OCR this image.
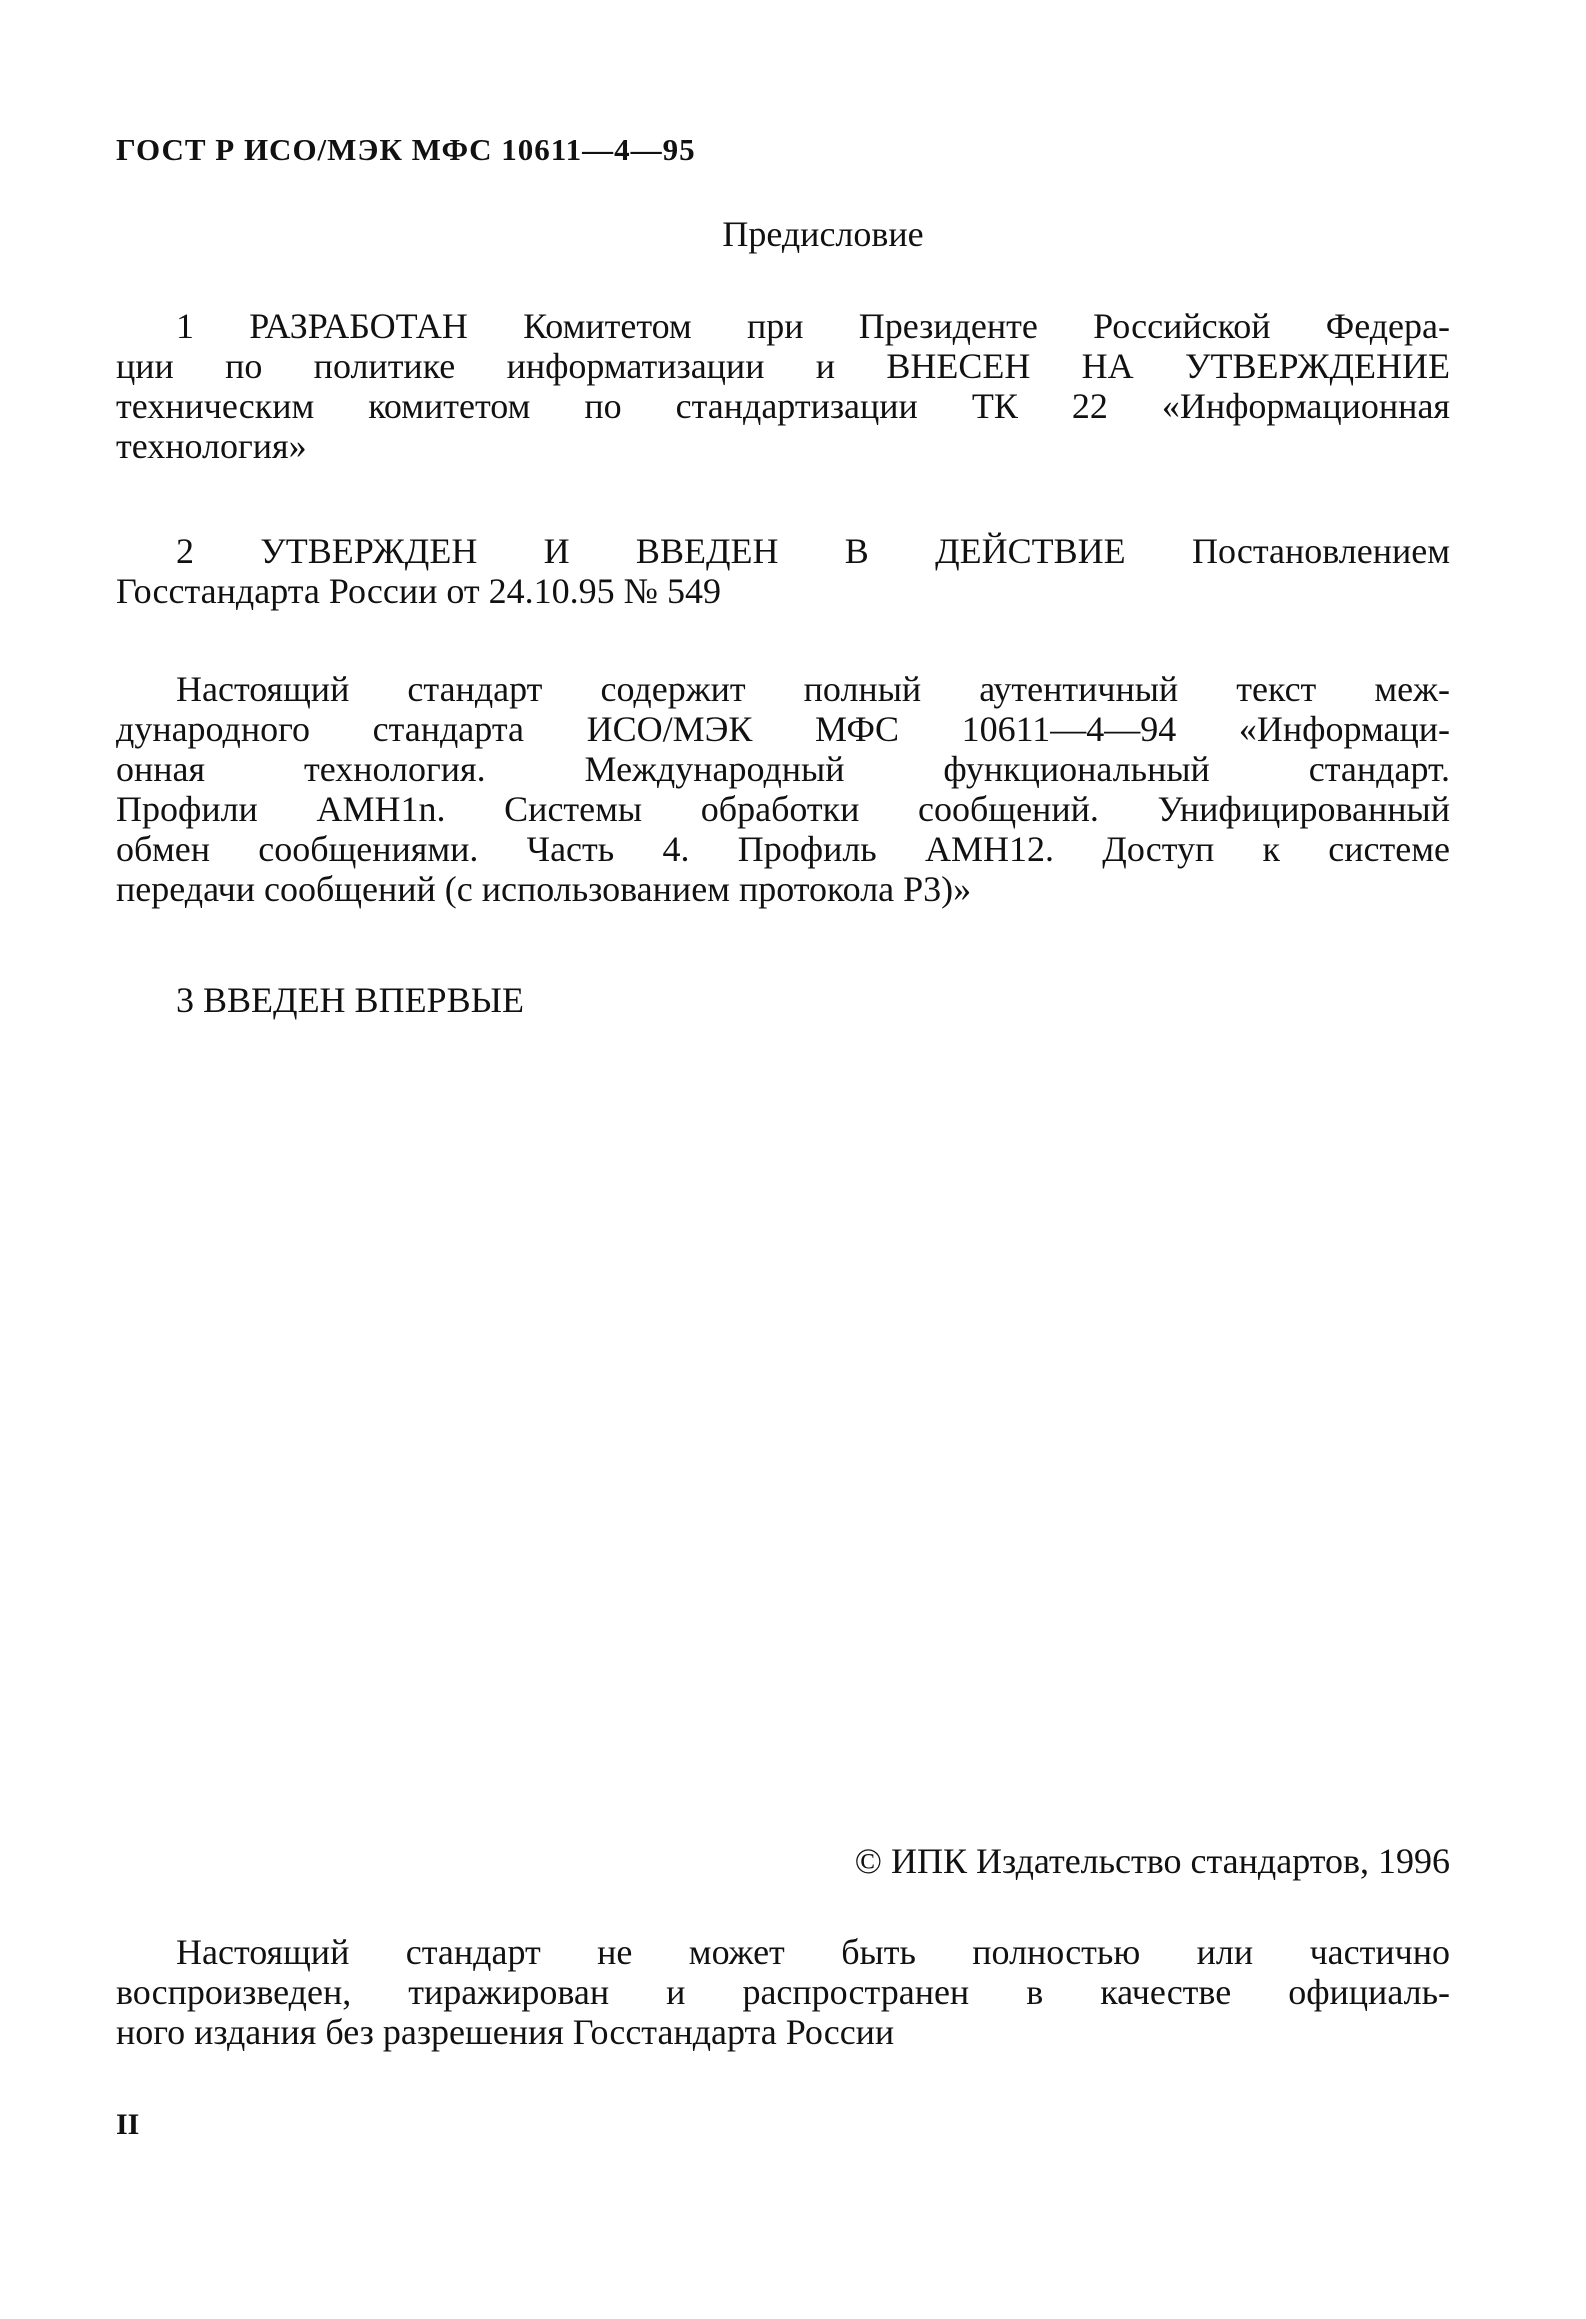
ГОСТ Р ИСО/МЭК МФС 10611—4—95
Предисловие
1 РАЗРАБОТАН Комитетом при Президенте Российской Федера-
ции по политике информатизации и ВНЕСЕН НА УТВЕРЖДЕНИЕ
техническим комитетом по стандартизации ТК 22 «Информационная
технология»
2 УТВЕРЖДЕН И ВВЕДЕН В ДЕЙСТВИЕ Постановлением
Госстандарта России от 24.10.95 № 549
Настоящий стандарт содержит полный аутентичный текст меж-
дународного стандарта ИСО/МЭК МФС 10611—4—94 «Информаци-
онная технология. Международный функциональный стандарт.
Профили AMH1n. Системы обработки сообщений. Унифицированный
обмен сообщениями. Часть 4. Профиль AMH12. Доступ к системе
передачи сообщений (с использованием протокола P3)»
3 ВВЕДЕН ВПЕРВЫЕ
© ИПК Издательство стандартов, 1996
Настоящий стандарт не может быть полностью или частично
воспроизведен, тиражирован и распространен в качестве официаль-
ного издания без разрешения Госстандарта России
II
